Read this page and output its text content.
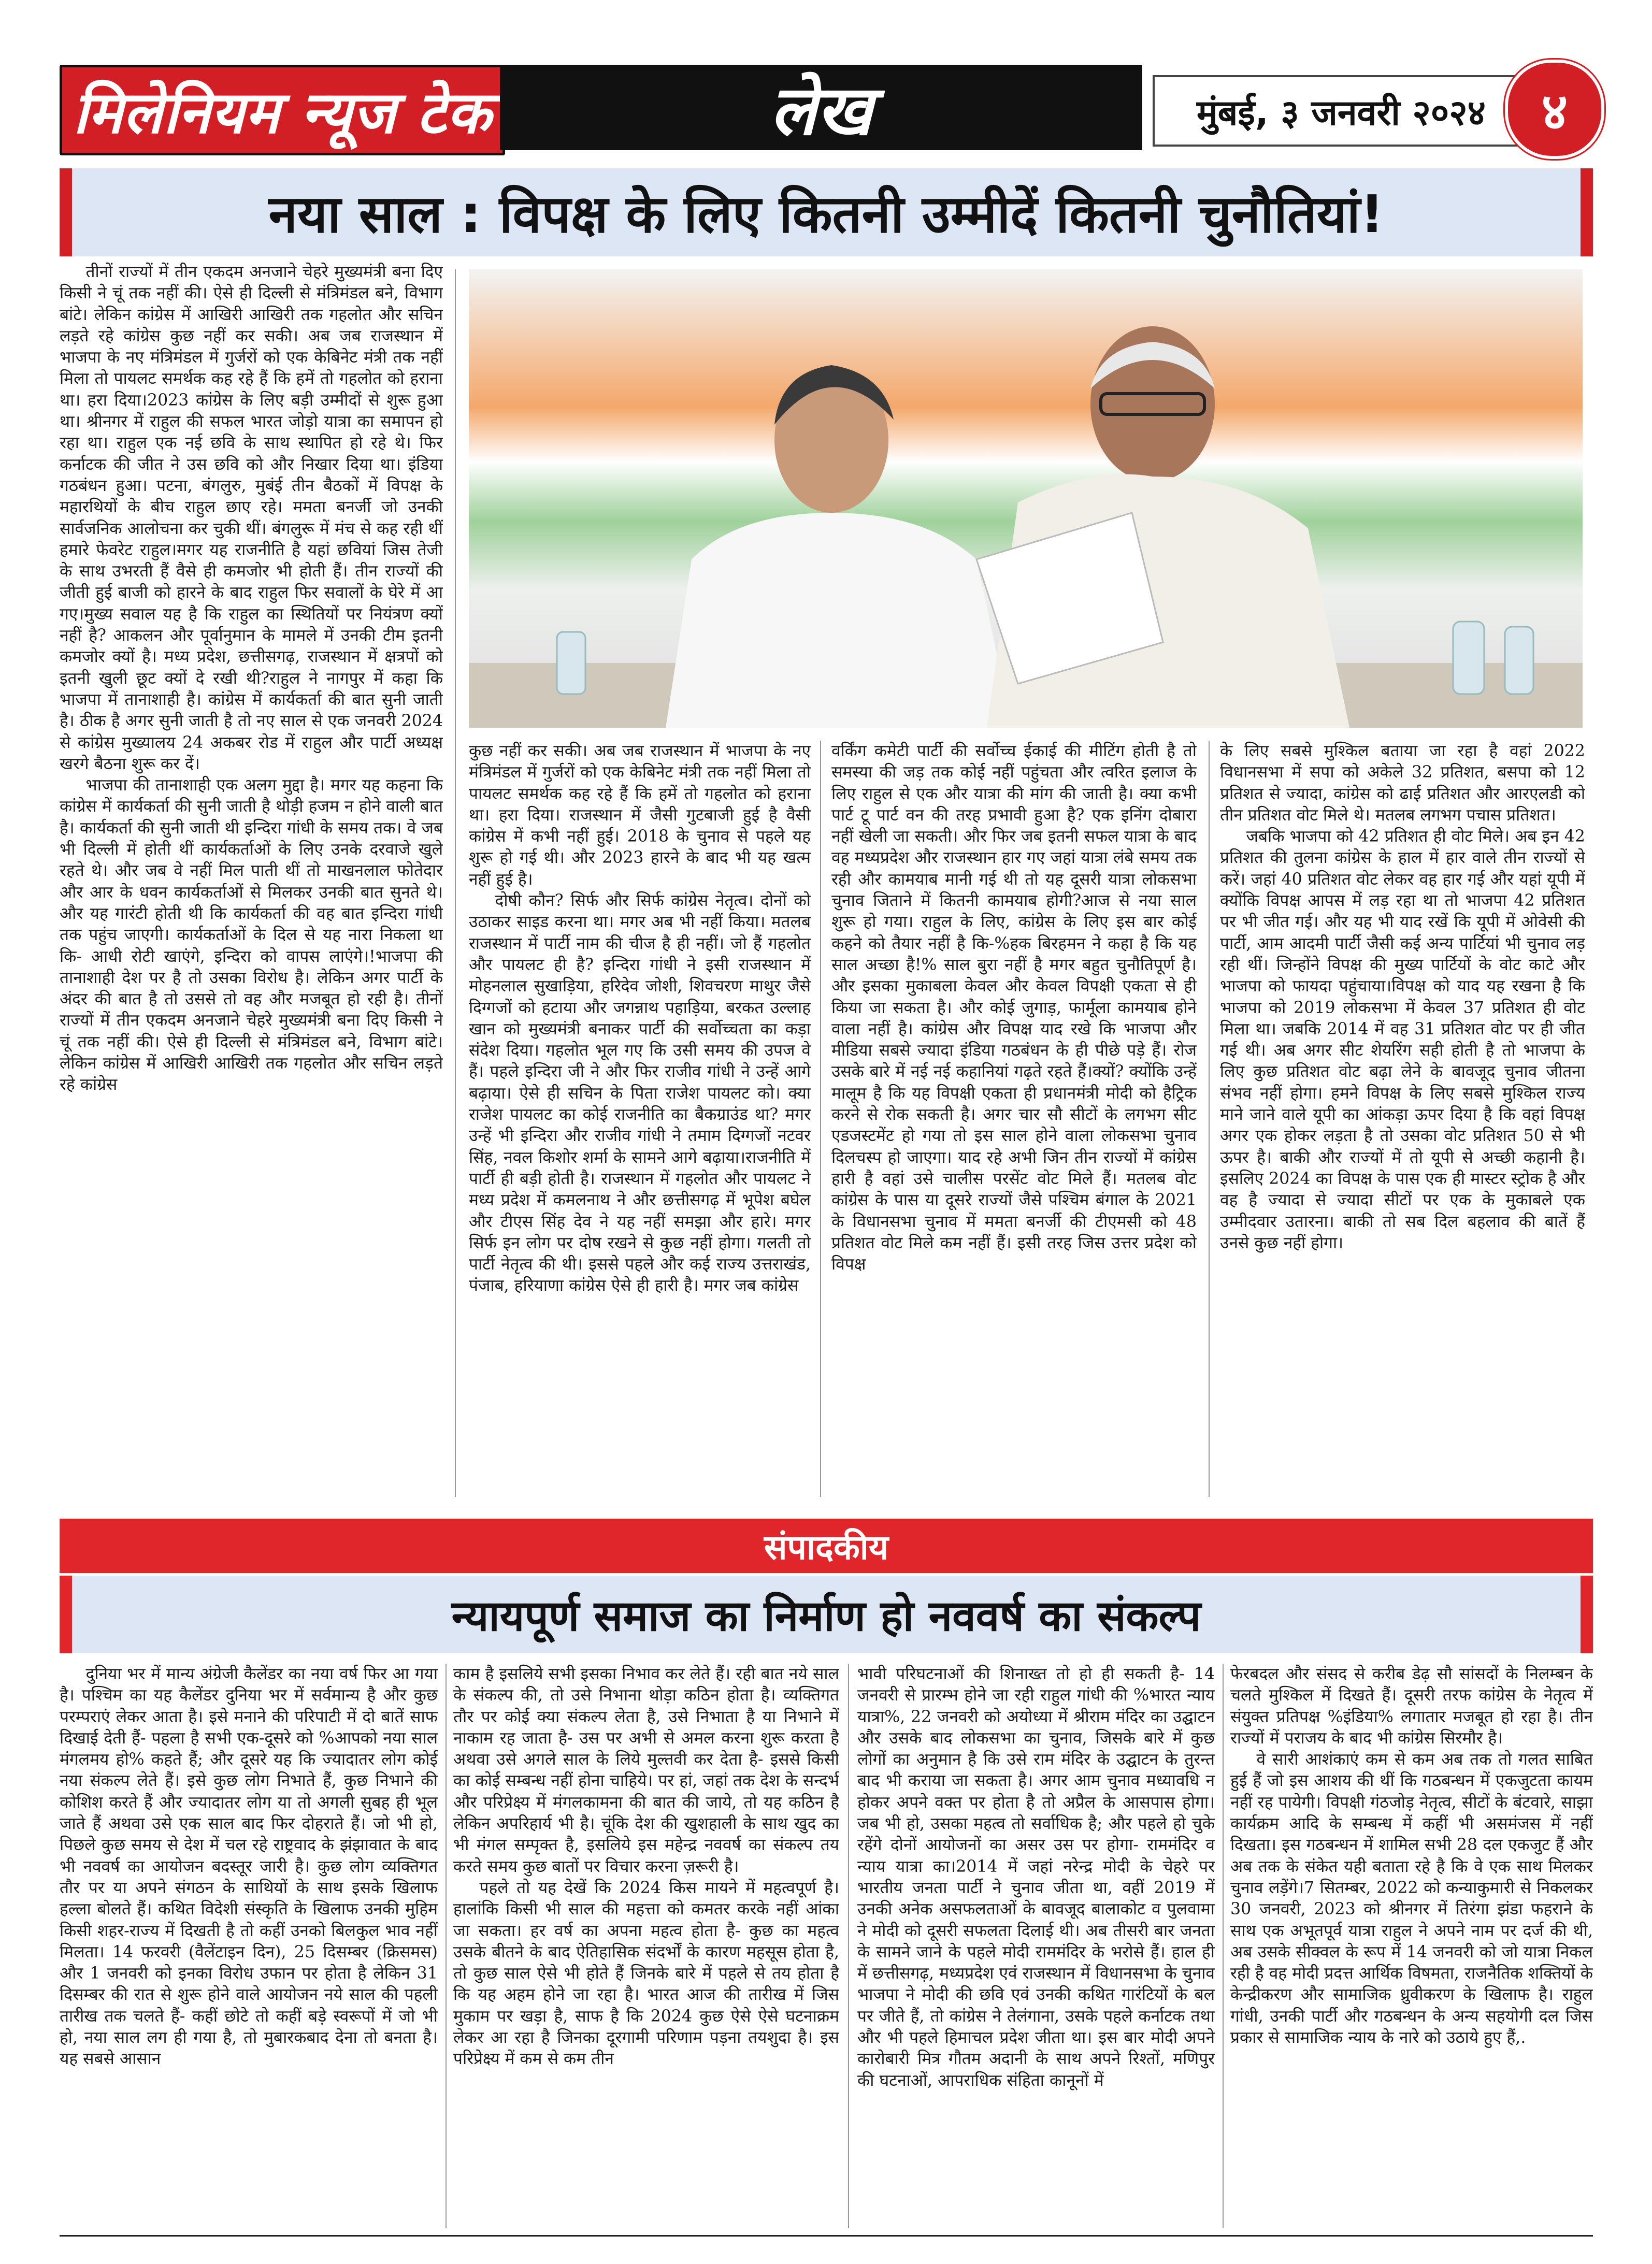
मिलेनियम न्यूज टेक	लेख	मुंबई, ३ जनवरी २०२४ ४
नया साल : विपक्ष के लिए कितनी उम्मीदें कितनी चुनौतियां!

तीनों राज्यों में तीन एकदम अनजाने चेहरे मुख्यमंत्री बना दिए किसी ने चूं तक नहीं की। ऐसे ही दिल्ली से मंत्रिमंडल बने, विभाग बांटे। लेकिन कांग्रेस में आखिरी आखिरी तक गहलोत और सचिन लड़ते रहे कांग्रेस कुछ नहीं कर सकी। अब जब राजस्थान में भाजपा के नए मंत्रिमंडल में गुर्जरों को एक केबिनेट मंत्री तक नहीं मिला तो पायलट समर्थक कह रहे हैं कि हमें तो गहलोत को हराना था। हरा दिया।2023 कांग्रेस के लिए बड़ी उम्मीदों से शुरू हुआ था। श्रीनगर में राहुल की सफल भारत जोड़ो यात्रा का समापन हो रहा था। राहुल एक नई छवि के साथ स्थापित हो रहे थे। फिर कर्नाटक की जीत ने उस छवि को और निखार दिया था। इंडिया गठबंधन हुआ। पटना, बंगलुरु, मुबंई तीन बैठकों में विपक्ष के महारथियों के बीच राहुल छाए रहे। ममता बनर्जी जो उनकी सार्वजनिक आलोचना कर चुकी थीं। बंगलुरू में मंच से कह रही थीं हमारे फेवरेट राहुल।मगर यह राजनीति है यहां छवियां जिस तेजी के साथ उभरती हैं वैसे ही कमजोर भी होती हैं। तीन राज्यों की जीती हुई बाजी को हारने के बाद राहुल फिर सवालों के घेरे में आ गए।मुख्य सवाल यह है कि राहुल का स्थितियों पर नियंत्रण क्यों नहीं है? आकलन और पूर्वानुमान के मामले में उनकी टीम इतनी कमजोर क्यों है। मध्य प्रदेश, छत्तीसगढ़, राजस्थान में क्षत्रपों को इतनी खुली छूट क्यों दे रखी थी?राहुल ने नागपुर में कहा कि भाजपा में तानाशाही है। कांग्रेस में कार्यकर्ता की बात सुनी जाती है। ठीक है अगर सुनी जाती है तो नए साल से एक जनवरी 2024 से कांग्रेस मुख्यालय 24 अकबर रोड में राहुल और पार्टी अध्यक्ष खरगे बैठना शुरू कर दें।

भाजपा की तानाशाही एक अलग मुद्दा है। मगर यह कहना कि कांग्रेस में कार्यकर्ता की सुनी जाती है थोड़ी हजम न होने वाली बात है। कार्यकर्ता की सुनी जाती थी इन्दिरा गांधी के समय तक। वे जब भी दिल्ली में होती थीं कार्यकर्ताओं के लिए उनके दरवाजे खुले रहते थे। और जब वे नहीं मिल पाती थीं तो माखनलाल फोतेदार और आर के धवन कार्यकर्ताओं से मिलकर उनकी बात सुनते थे। और यह गारंटी होती थी कि कार्यकर्ता की वह बात इन्दिरा गांधी तक पहुंच जाएगी। कार्यकर्ताओं के दिल से यह नारा निकला था कि- आधी रोटी खाएंगे, इन्दिरा को वापस लाएंगे।!भाजपा की तानाशाही देश पर है तो उसका विरोध है। लेकिन अगर पार्टी के अंदर की बात है तो उससे तो वह और मजबूत हो रही है। तीनों राज्यों में तीन एकदम अनजाने चेहरे मुख्यमंत्री बना दिए किसी ने चूं तक नहीं की। ऐसे ही दिल्ली से मंत्रिमंडल बने, विभाग बांटे। लेकिन कांग्रेस में आखिरी आखिरी तक गहलोत और सचिन लड़ते रहे कांग्रेस

कुछ नहीं कर सकी। अब जब राजस्थान में भाजपा के नए मंत्रिमंडल में गुर्जरों को एक केबिनेट मंत्री तक नहीं मिला तो पायलट समर्थक कह रहे हैं कि हमें तो गहलोत को हराना था। हरा दिया। राजस्थान में जैसी गुटबाजी हुई है वैसी कांग्रेस में कभी नहीं हुई। 2018 के चुनाव से पहले यह शुरू हो गई थी। और 2023 हारने के बाद भी यह खत्म नहीं हुई है।

दोषी कौन? सिर्फ और सिर्फ कांग्रेस नेतृत्व। दोनों को उठाकर साइड करना था। मगर अब भी नहीं किया। मतलब राजस्थान में पार्टी नाम की चीज है ही नहीं। जो हैं गहलोत और पायलट ही है? इन्दिरा गांधी ने इसी राजस्थान में मोहनलाल सुखाड़िया, हरिदेव जोशी, शिवचरण माथुर जैसे दिग्गजों को हटाया और जगन्नाथ पहाड़िया, बरकत उल्लाह खान को मुख्यमंत्री बनाकर पार्टी की सर्वोच्चता का कड़ा संदेश दिया। गहलोत भूल गए कि उसी समय की उपज वे हैं। पहले इन्दिरा जी ने और फिर राजीव गांधी ने उन्हें आगे बढ़ाया। ऐसे ही सचिन के पिता राजेश पायलट को। क्या राजेश पायलट का कोई राजनीति का बैकग्राउंड था? मगर उन्हें भी इन्दिरा और राजीव गांधी ने तमाम दिग्गजों नटवर सिंह, नवल किशोर शर्मा के सामने आगे बढ़ाया।राजनीति में पार्टी ही बड़ी होती है। राजस्थान में गहलोत और पायलट ने मध्य प्रदेश में कमलनाथ ने और छत्तीसगढ़ में भूपेश बघेल और टीएस सिंह देव ने यह नहीं समझा और हारे। मगर सिर्फ इन लोग पर दोष रखने से कुछ नहीं होगा। गलती तो पार्टी नेतृत्व की थी। इससे पहले और कई राज्य उत्तराखंड, पंजाब, हरियाणा कांग्रेस ऐसे ही हारी है। मगर जब कांग्रेस

वर्किंग कमेटी पार्टी की सर्वोच्च ईकाई की मीटिंग होती है तो समस्या की जड़ तक कोई नहीं पहुंचता और त्वरित इलाज के लिए राहुल से एक और यात्रा की मांग की जाती है। क्या कभी पार्ट टू पार्ट वन की तरह प्रभावी हुआ है? एक इनिंग दोबारा नहीं खेली जा सकती। और फिर जब इतनी सफल यात्रा के बाद वह मध्यप्रदेश और राजस्थान हार गए जहां यात्रा लंबे समय तक रही और कामयाब मानी गई थी तो यह दूसरी यात्रा लोकसभा चुनाव जिताने में कितनी कामयाब होगी?आज से नया साल शुरू हो गया। राहुल के लिए, कांग्रेस के लिए इस बार कोई कहने को तैयार नहीं है कि-%हक बिरहमन ने कहा है कि यह साल अच्छा है!% साल बुरा नहीं है मगर बहुत चुनौतिपूर्ण है। और इसका मुकाबला केवल और केवल विपक्षी एकता से ही किया जा सकता है। और कोई जुगाड़, फार्मूला कामयाब होने वाला नहीं है। कांग्रेस और विपक्ष याद रखे कि भाजपा और मीडिया सबसे ज्यादा इंडिया गठबंधन के ही पीछे पड़े हैं। रोज उसके बारे में नई नई कहानियां गढ़ते रहते हैं।क्यों? क्योंकि उन्हें मालूम है कि यह विपक्षी एकता ही प्रधानमंत्री मोदी को हैट्रिक करने से रोक सकती है। अगर चार सौ सीटों के लगभग सीट एडजस्टमेंट हो गया तो इस साल होने वाला लोकसभा चुनाव दिलचस्प हो जाएगा। याद रहे अभी जिन तीन राज्यों में कांग्रेस हारी है वहां उसे चालीस परसेंट वोट मिले हैं। मतलब वोट कांग्रेस के पास या दूसरे राज्यों जैसे पश्चिम बंगाल के 2021 के विधानसभा चुनाव में ममता बनर्जी की टीएमसी को 48 प्रतिशत वोट मिले कम नहीं हैं। इसी तरह जिस उत्तर प्रदेश को विपक्ष

के लिए सबसे मुश्किल बताया जा रहा है वहां 2022 विधानसभा में सपा को अकेले 32 प्रतिशत, बसपा को 12 प्रतिशत से ज्यादा, कांग्रेस को ढाई प्रतिशत और आरएलडी को तीन प्रतिशत वोट मिले थे। मतलब लगभग पचास प्रतिशत।

जबकि भाजपा को 42 प्रतिशत ही वोट मिले। अब इन 42 प्रतिशत की तुलना कांग्रेस के हाल में हार वाले तीन राज्यों से करें। जहां 40 प्रतिशत वोट लेकर वह हार गई और यहां यूपी में क्योंकि विपक्ष आपस में लड़ रहा था तो भाजपा 42 प्रतिशत पर भी जीत गई। और यह भी याद रखें कि यूपी में ओवेसी की पार्टी, आम आदमी पार्टी जैसी कई अन्य पार्टियां भी चुनाव लड़ रही थीं। जिन्होंने विपक्ष की मुख्य पार्टियों के वोट काटे और भाजपा को फायदा पहुंचाया।विपक्ष को याद यह रखना है कि भाजपा को 2019 लोकसभा में केवल 37 प्रतिशत ही वोट मिला था। जबकि 2014 में वह 31 प्रतिशत वोट पर ही जीत गई थी। अब अगर सीट शेयरिंग सही होती है तो भाजपा के लिए कुछ प्रतिशत वोट बढ़ा लेने के बावजूद चुनाव जीतना संभव नहीं होगा। हमने विपक्ष के लिए सबसे मुश्किल राज्य माने जाने वाले यूपी का आंकड़ा ऊपर दिया है कि वहां विपक्ष अगर एक होकर लड़ता है तो उसका वोट प्रतिशत 50 से भी ऊपर है। बाकी और राज्यों में तो यूपी से अच्छी कहानी है।इसलिए 2024 का विपक्ष के पास एक ही मास्टर स्ट्रोक है और वह है ज्यादा से ज्यादा सीटों पर एक के मुकाबले एक उम्मीदवार उतारना। बाकी तो सब दिल बहलाव की बातें हैं उनसे कुछ नहीं होगा।

संपादकीय
न्यायपूर्ण समाज का निर्माण हो नववर्ष का संकल्प

दुनिया भर में मान्य अंग्रेजी कैलेंडर का नया वर्ष फिर आ गया है। पश्चिम का यह कैलेंडर दुनिया भर में सर्वमान्य है और कुछ परम्पराएं लेकर आता है। इसे मनाने की परिपाटी में दो बातें साफ दिखाई देती हैं- पहला है सभी एक-दूसरे को %आपको नया साल मंगलमय हो% कहते हैं; और दूसरे यह कि ज्यादातर लोग कोई नया संकल्प लेते हैं। इसे कुछ लोग निभाते हैं, कुछ निभाने की कोशिश करते हैं और ज्यादातर लोग या तो अगली सुबह ही भूल जाते हैं अथवा उसे एक साल बाद फिर दोहराते हैं। जो भी हो, पिछले कुछ समय से देश में चल रहे राष्ट्रवाद के झंझावात के बाद भी नववर्ष का आयोजन बदस्तूर जारी है। कुछ लोग व्यक्तिगत तौर पर या अपने संगठन के साथियों के साथ इसके खिलाफ हल्ला बोलते हैं। कथित विदेशी संस्कृति के खिलाफ उनकी मुहिम किसी शहर-राज्य में दिखती है तो कहीं उनको बिलकुल भाव नहीं मिलता। 14 फरवरी (वैलेंटाइन दिन), 25 दिसम्बर (क्रिसमस) और 1 जनवरी को इनका विरोध उफान पर होता है लेकिन 31 दिसम्बर की रात से शुरू होने वाले आयोजन नये साल की पहली तारीख तक चलते हैं- कहीं छोटे तो कहीं बड़े स्वरूपों में जो भी हो, नया साल लग ही गया है, तो मुबारकबाद देना तो बनता है। यह सबसे आसान

काम है इसलिये सभी इसका निभाव कर लेते हैं। रही बात नये साल के संकल्प की, तो उसे निभाना थोड़ा कठिन होता है। व्यक्तिगत तौर पर कोई क्या संकल्प लेता है, उसे निभाता है या निभाने में नाकाम रह जाता है- उस पर अभी से अमल करना शुरू करता है अथवा उसे अगले साल के लिये मुल्तवी कर देता है- इससे किसी का कोई सम्बन्ध नहीं होना चाहिये। पर हां, जहां तक देश के सन्दर्भ और परिप्रेक्ष्य में मंगलकामना की बात की जाये, तो यह कठिन है लेकिन अपरिहार्य भी है। चूंकि देश की खुशहाली के साथ खुद का भी मंगल सम्पृक्त है, इसलिये इस महेन्द्र नववर्ष का संकल्प तय करते समय कुछ बातों पर विचार करना ज़रूरी है।

पहले तो यह देखें कि 2024 किस मायने में महत्वपूर्ण है। हालांकि किसी भी साल की महत्ता को कमतर करके नहीं आंका जा सकता। हर वर्ष का अपना महत्व होता है- कुछ का महत्व उसके बीतने के बाद ऐतिहासिक संदर्भों के कारण महसूस होता है, तो कुछ साल ऐसे भी होते हैं जिनके बारे में पहले से तय होता है कि यह अहम होने जा रहा है। भारत आज की तारीख में जिस मुकाम पर खड़ा है, साफ है कि 2024 कुछ ऐसे ऐसे घटनाक्रम लेकर आ रहा है जिनका दूरगामी परिणाम पड़ना तयशुदा है। इस परिप्रेक्ष्य में कम से कम तीन

भावी परिघटनाओं की शिनाख्त तो हो ही सकती है- 14 जनवरी से प्रारम्भ होने जा रही राहुल गांधी की %भारत न्याय यात्रा%, 22 जनवरी को अयोध्या में श्रीराम मंदिर का उद्घाटन और उसके बाद लोकसभा का चुनाव, जिसके बारे में कुछ लोगों का अनुमान है कि उसे राम मंदिर के उद्घाटन के तुरन्त बाद भी कराया जा सकता है। अगर आम चुनाव मध्यावधि न होकर अपने वक्त पर होता है तो अप्रैल के आसपास होगा। जब भी हो, उसका महत्व तो सर्वाधिक है; और पहले हो चुके रहेंगे दोनों आयोजनों का असर उस पर होगा- राममंदिर व न्याय यात्रा का।2014 में जहां नरेन्द्र मोदी के चेहरे पर भारतीय जनता पार्टी ने चुनाव जीता था, वहीं 2019 में उनकी अनेक असफलताओं के बावजूद बालाकोट व पुलवामा ने मोदी को दूसरी सफलता दिलाई थी। अब तीसरी बार जनता के सामने जाने के पहले मोदी राममंदिर के भरोसे हैं। हाल ही में छत्तीसगढ़, मध्यप्रदेश एवं राजस्थान में विधानसभा के चुनाव भाजपा ने मोदी की छवि एवं उनकी कथित गारंटियों के बल पर जीते हैं, तो कांग्रेस ने तेलंगाना, उसके पहले कर्नाटक तथा और भी पहले हिमाचल प्रदेश जीता था। इस बार मोदी अपने कारोबारी मित्र गौतम अदानी के साथ अपने रिश्तों, मणिपुर की घटनाओं, आपराधिक संहिता कानूनों में

फेरबदल और संसद से करीब डेढ़ सौ सांसदों के निलम्बन के चलते मुश्किल में दिखते हैं। दूसरी तरफ कांग्रेस के नेतृत्व में संयुक्त प्रतिपक्ष %इंडिया% लगातार मजबूत हो रहा है। तीन राज्यों में पराजय के बाद भी कांग्रेस सिरमौर है।

वे सारी आशंकाएं कम से कम अब तक तो गलत साबित हुई हैं जो इस आशय की थीं कि गठबन्धन में एकजुटता कायम नहीं रह पायेगी। विपक्षी गंठजोड़ नेतृत्व, सीटों के बंटवारे, साझा कार्यक्रम आदि के सम्बन्ध में कहीं भी असमंजस में नहीं दिखता। इस गठबन्धन में शामिल सभी 28 दल एकजुट हैं और अब तक के संकेत यही बताता रहे है कि वे एक साथ मिलकर चुनाव लड़ेंगे।7 सितम्बर, 2022 को कन्याकुमारी से निकलकर 30 जनवरी, 2023 को श्रीनगर में तिरंगा झंडा फहराने के साथ एक अभूतपूर्व यात्रा राहुल ने अपने नाम पर दर्ज की थी, अब उसके सीक्वल के रूप में 14 जनवरी को जो यात्रा निकल रही है वह मोदी प्रदत्त आर्थिक विषमता, राजनैतिक शक्तियों के केन्द्रीकरण और सामाजिक ध्रुवीकरण के खिलाफ है। राहुल गांधी, उनकी पार्टी और गठबन्धन के अन्य सहयोगी दल जिस प्रकार से सामाजिक न्याय के नारे को उठाये हुए हैं,.
